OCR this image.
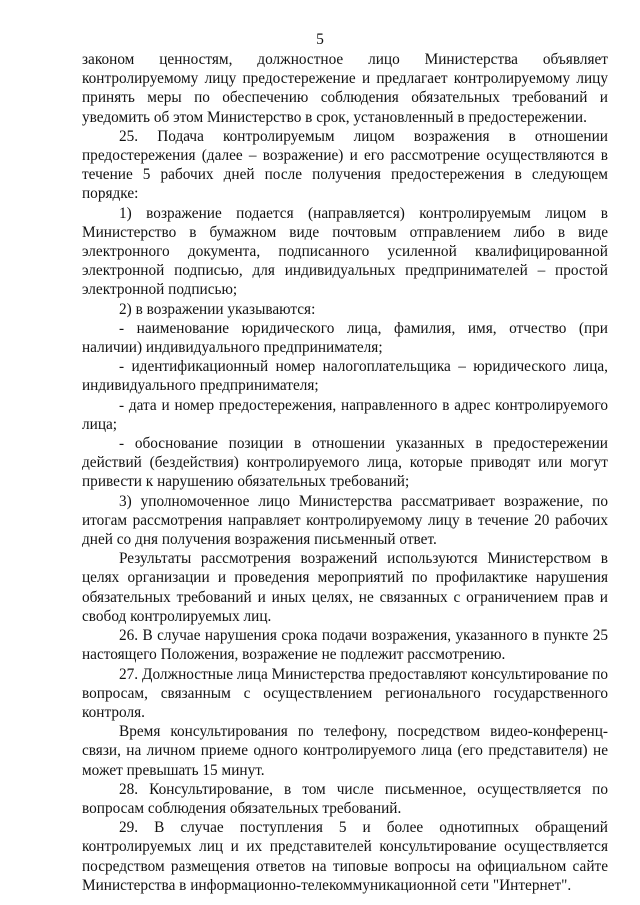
5

законом ценностям, должностное лицо Министерства объявляет контролируемому лицу предостережение и предлагает контролируемому лицу принять меры по обеспечению соблюдения обязательных требований и уведомить об этом Министерство в срок, установленный в предостережении.

25. Подача контролируемым лицом возражения в отношении предостережения (далее – возражение) и его рассмотрение осуществляются в течение 5 рабочих дней после получения предостережения в следующем порядке:

1) возражение подается (направляется) контролируемым лицом в Министерство в бумажном виде почтовым отправлением либо в виде электронного документа, подписанного усиленной квалифицированной электронной подписью, для индивидуальных предпринимателей – простой электронной подписью;

2) в возражении указываются:

- наименование юридического лица, фамилия, имя, отчество (при наличии) индивидуального предпринимателя;

- идентификационный номер налогоплательщика – юридического лица, индивидуального предпринимателя;

- дата и номер предостережения, направленного в адрес контролируемого лица;

- обоснование позиции в отношении указанных в предостережении действий (бездействия) контролируемого лица, которые приводят или могут привести к нарушению обязательных требований;

3) уполномоченное лицо Министерства рассматривает возражение, по итогам рассмотрения направляет контролируемому лицу в течение 20 рабочих дней со дня получения возражения письменный ответ.

Результаты рассмотрения возражений используются Министерством в целях организации и проведения мероприятий по профилактике нарушения обязательных требований и иных целях, не связанных с ограничением прав и свобод контролируемых лиц.

26. В случае нарушения срока подачи возражения, указанного в пункте 25 настоящего Положения, возражение не подлежит рассмотрению.

27. Должностные лица Министерства предоставляют консультирование по вопросам, связанным с осуществлением регионального государственного контроля.

Время консультирования по телефону, посредством видео-конференц-связи, на личном приеме одного контролируемого лица (его представителя) не может превышать 15 минут.

28. Консультирование, в том числе письменное, осуществляется по вопросам соблюдения обязательных требований.

29. В случае поступления 5 и более однотипных обращений контролируемых лиц и их представителей консультирование осуществляется посредством размещения ответов на типовые вопросы на официальном сайте Министерства в информационно-телекоммуникационной сети "Интернет".
